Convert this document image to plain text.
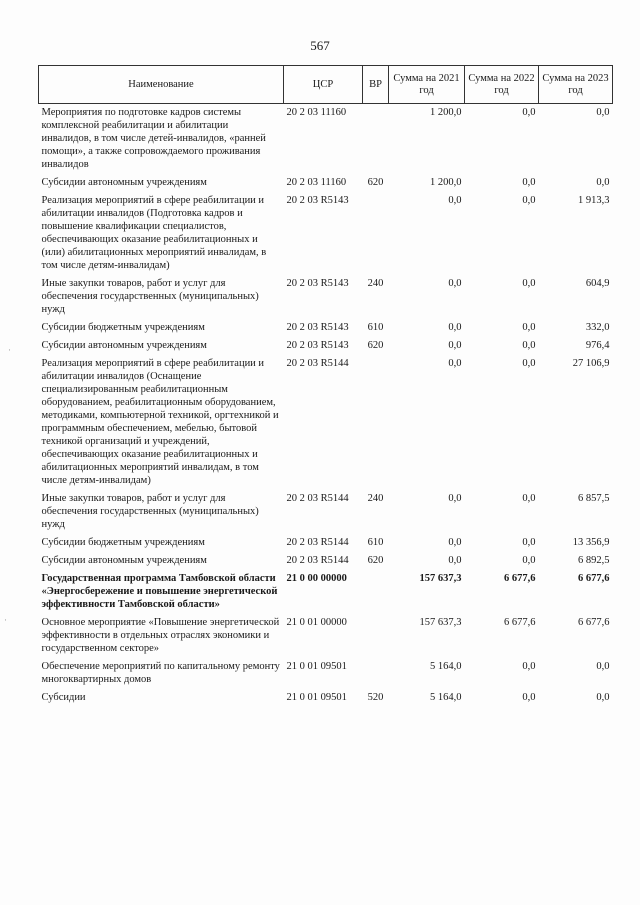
567
Наименование	ЦСР	ВР	Сумма на 2021 год	Сумма на 2022 год	Сумма на 2023 год
Мероприятия по подготовке кадров системы комплексной реабилитации и абилитации инвалидов, в том числе детей-инвалидов, «ранней помощи», а также сопровождаемого проживания инвалидов	20 2 03 11160		1 200,0	0,0	0,0
Субсидии автономным учреждениям	20 2 03 11160	620	1 200,0	0,0	0,0
Реализация мероприятий в сфере реабилитации и абилитации инвалидов (Подготовка кадров и повышение квалификации специалистов, обеспечивающих оказание реабилитационных и (или) абилитационных мероприятий инвалидам, в том числе детям-инвалидам)	20 2 03 R5143		0,0	0,0	1 913,3
Иные закупки товаров, работ и услуг для обеспечения государственных (муниципальных) нужд	20 2 03 R5143	240	0,0	0,0	604,9
Субсидии бюджетным учреждениям	20 2 03 R5143	610	0,0	0,0	332,0
Субсидии автономным учреждениям	20 2 03 R5143	620	0,0	0,0	976,4
Реализация мероприятий в сфере реабилитации и абилитации инвалидов (Оснащение специализированным реабилитационным оборудованием, реабилитационным оборудованием, методиками, компьютерной техникой, оргтехникой и программным обеспечением, мебелью, бытовой техникой организаций и учреждений, обеспечивающих оказание реабилитационных и абилитационных мероприятий инвалидам, в том числе детям-инвалидам)	20 2 03 R5144		0,0	0,0	27 106,9
Иные закупки товаров, работ и услуг для обеспечения государственных (муниципальных) нужд	20 2 03 R5144	240	0,0	0,0	6 857,5
Субсидии бюджетным учреждениям	20 2 03 R5144	610	0,0	0,0	13 356,9
Субсидии автономным учреждениям	20 2 03 R5144	620	0,0	0,0	6 892,5
Государственная программа Тамбовской области «Энергосбережение и повышение энергетической эффективности Тамбовской области»	21 0 00 00000		157 637,3	6 677,6	6 677,6
Основное мероприятие «Повышение энергетической эффективности в отдельных отраслях экономики и государственном секторе»	21 0 01 00000		157 637,3	6 677,6	6 677,6
Обеспечение мероприятий по капитальному ремонту многоквартирных домов	21 0 01 09501		5 164,0	0,0	0,0
Субсидии	21 0 01 09501	520	5 164,0	0,0	0,0
·
·
